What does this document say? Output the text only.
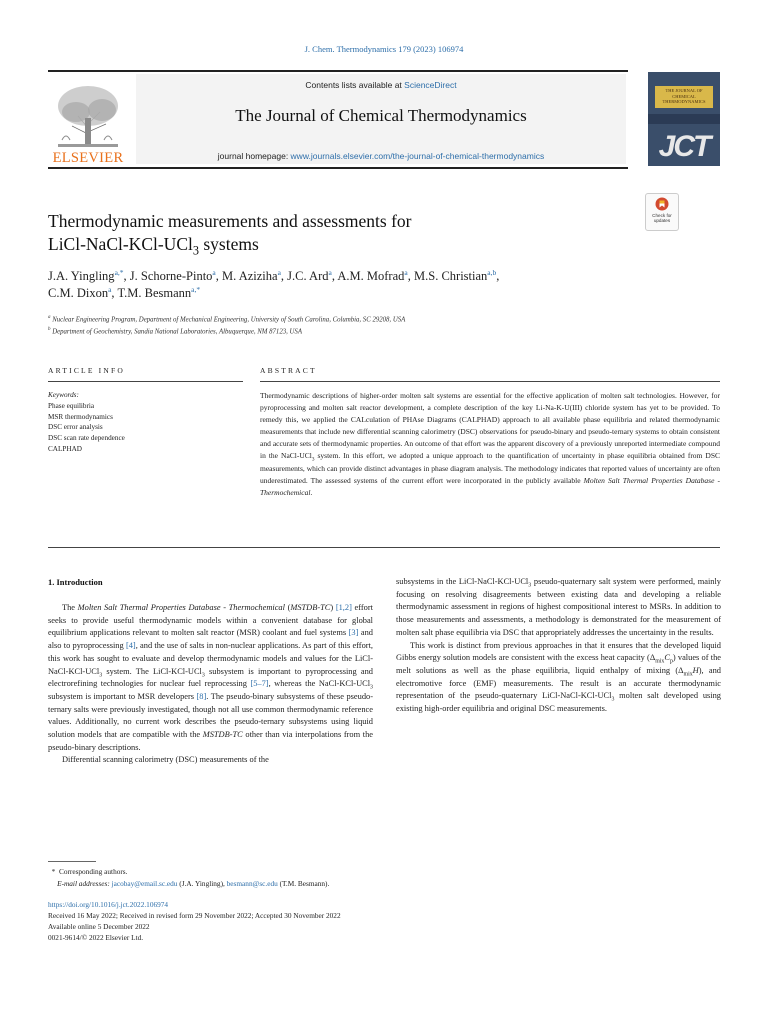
J. Chem. Thermodynamics 179 (2023) 106974
ELSEVIER
Contents lists available at ScienceDirect
The Journal of Chemical Thermodynamics
journal homepage: www.journals.elsevier.com/the-journal-of-chemical-thermodynamics
THE JOURNAL OF CHEMICAL THERMODYNAMICS
JCT
Thermodynamic measurements and assessments for
LiCl-NaCl-KCl-UCl$_3$ systems
Check for updates
J.A. Yingling$^{a,*}$, J. Schorne-Pinto$^a$, M. Aziziha$^a$, J.C. Ard$^a$, A.M. Mofrad$^a$, M.S. Christian$^{a,b}$,
C.M. Dixon$^a$, T.M. Besmann$^{a,*}$
$^a$ Nuclear Engineering Program, Department of Mechanical Engineering, University of South Carolina, Columbia, SC 29208, USA
$^b$ Department of Geochemistry, Sandia National Laboratories, Albuquerque, NM 87123, USA
ARTICLE INFO	ABSTRACT
Keywords:
Phase equilibria
MSR thermodynamics
DSC error analysis
DSC scan rate dependence
CALPHAD
Thermodynamic descriptions of higher-order molten salt systems are essential for the effective application of molten salt technologies. However, for pyroprocessing and molten salt reactor development, a complete description of the key Li-Na-K-U(III) chloride system has yet to be provided. To remedy this, we applied the CALculation of PHAse Diagrams (CALPHAD) approach to all available phase equilibria and related thermodynamic measurements that include new differential scanning calorimetry (DSC) observations for pseudo-binary and pseudo-ternary systems to obtain consistent and accurate sets of thermodynamic properties. An outcome of that effort was the apparent discovery of a previously unreported intermediate compound in the NaCl-UCl$_3$ system. In this effort, we adopted a unique approach to the quantification of uncertainty in phase equilibria obtained from DSC measurements, which can provide distinct advantages in phase diagram analysis. The methodology indicates that reported values of uncertainty are often underestimated. The assessed systems of the current effort were incorporated in the publicly available Molten Salt Thermal Properties Database - Thermochemical.
1. Introduction

The Molten Salt Thermal Properties Database - Thermochemical (MSTDB-TC) [1,2] effort seeks to provide useful thermodynamic models within a convenient database for global equilibrium applications relevant to molten salt reactor (MSR) coolant and fuel systems [3] and also to pyroprocessing [4], and the use of salts in non-nuclear applications. As part of this effort, this work has sought to evaluate and develop thermodynamic models and values for the LiCl-NaCl-KCl-UCl$_3$ system. The LiCl-KCl-UCl$_3$ subsystem is important to pyroprocessing and electrorefining technologies for nuclear fuel reprocessing [5–7], whereas the NaCl-KCl-UCl$_3$ subsystem is important to MSR developers [8]. The pseudo-binary subsystems of these pseudo-ternary salts were previously investigated, though not all use common thermodynamic reference values. Additionally, no current work describes the pseudo-ternary subsystems using liquid solution models that are compatible with the MSTDB-TC other than via interpolations from the pseudo-binary descriptions.

Differential scanning calorimetry (DSC) measurements of the

subsystems in the LiCl-NaCl-KCl-UCl$_3$ pseudo-quaternary salt system were performed, mainly focusing on resolving disagreements between existing data and developing a reliable thermodynamic assessment in regions of highest compositional interest to MSRs. In addition to those measurements and assessments, a methodology is demonstrated for the measurement of molten salt phase equilibria via DSC that appropriately addresses the uncertainty in the results.

This work is distinct from previous approaches in that it ensures that the developed liquid Gibbs energy solution models are consistent with the excess heat capacity $(\Delta_{mix}C_p)$ values of the melt solutions as well as the phase equilibria, liquid enthalpy of mixing $(\Delta_{mix}H)$, and electromotive force (EMF) measurements. The result is an accurate thermodynamic representation of the pseudo-quaternary LiCl-NaCl-KCl-UCl$_3$ molten salt developed using existing high-order equilibria and original DSC measurements.

*  Corresponding authors.
E-mail addresses: jacobay@email.sc.edu (J.A. Yingling), besmann@sc.edu (T.M. Besmann).
https://doi.org/10.1016/j.jct.2022.106974
Received 16 May 2022; Received in revised form 29 November 2022; Accepted 30 November 2022
Available online 5 December 2022
0021-9614/© 2022 Elsevier Ltd.
